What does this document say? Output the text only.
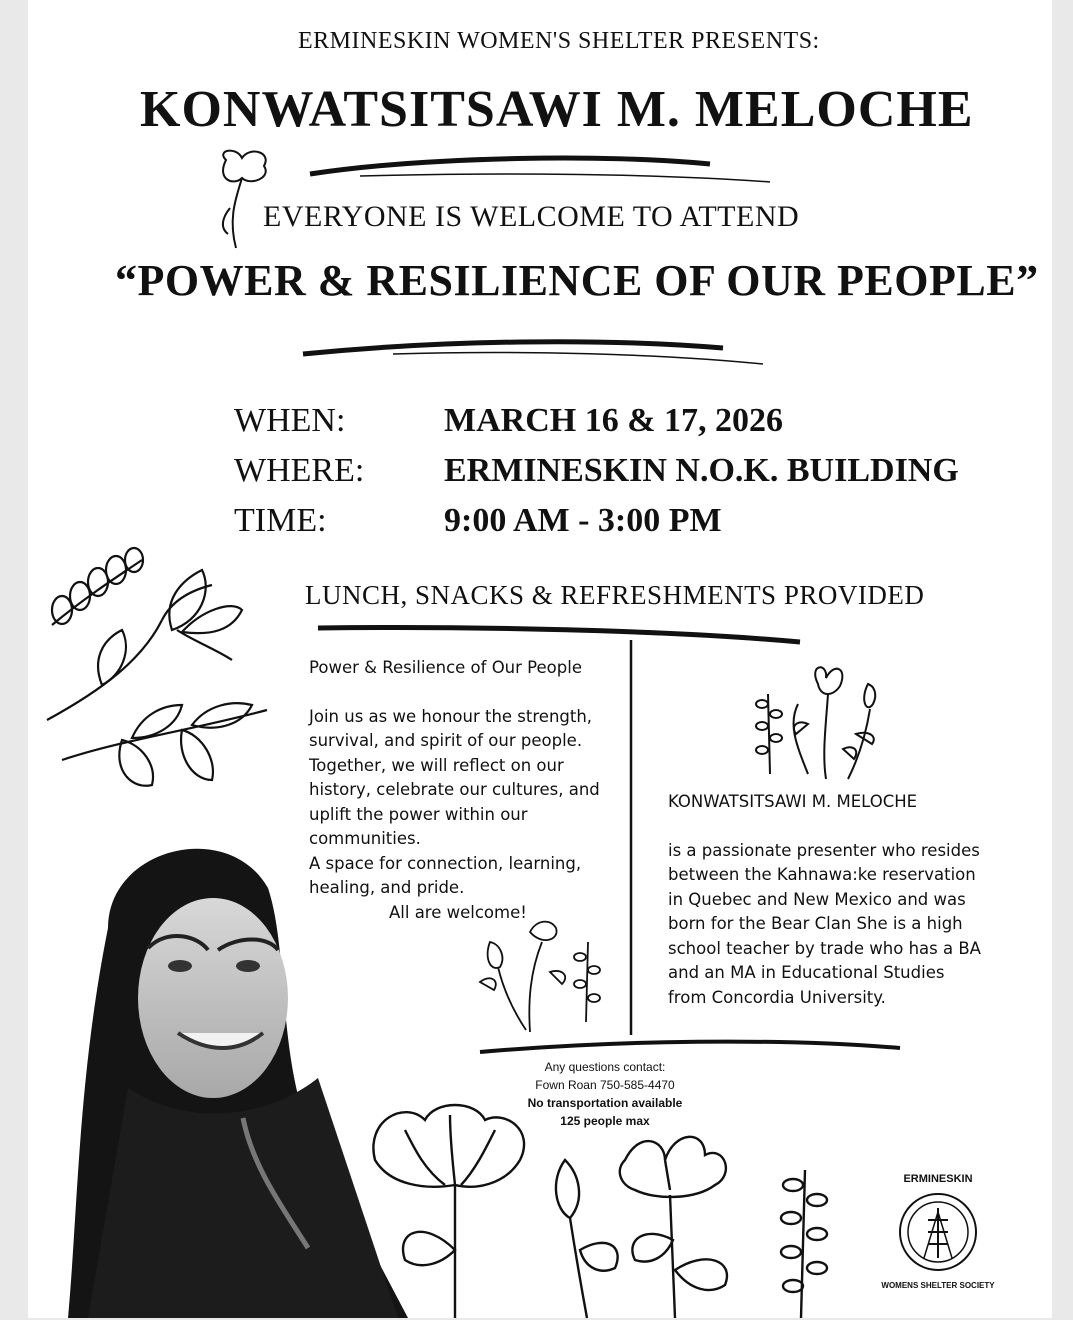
ERMINESKIN WOMEN'S SHELTER PRESENTS:
KONWATSITSAWI M. MELOCHE
EVERYONE IS WELCOME TO ATTEND
“POWER & RESILIENCE OF OUR PEOPLE”
WHEN:	MARCH 16 & 17, 2026
WHERE: ERMINESKIN N.O.K. BUILDING
TIME:	9:00 AM - 3:00 PM
LUNCH, SNACKS & REFRESHMENTS PROVIDED

Power & Resilience of Our People

Join us as we honour the strength, survival, and spirit of our people. Together, we will reflect on our history, celebrate our cultures, and uplift the power within our communities.

A space for connection, learning, healing, and pride.

All are welcome!

KONWATSITSAWI M. MELOCHE

is a passionate presenter who resides between the Kahnawa:ke reservation in Quebec and New Mexico and was born for the Bear Clan She is a high school teacher by trade who has a BA and an MA in Educational Studies from Concordia University.

Any questions contact:
Fown Roan 750-585-4470
No transportation available
125 people max
ERMINESKIN
WOMENS SHELTER SOCIETY
